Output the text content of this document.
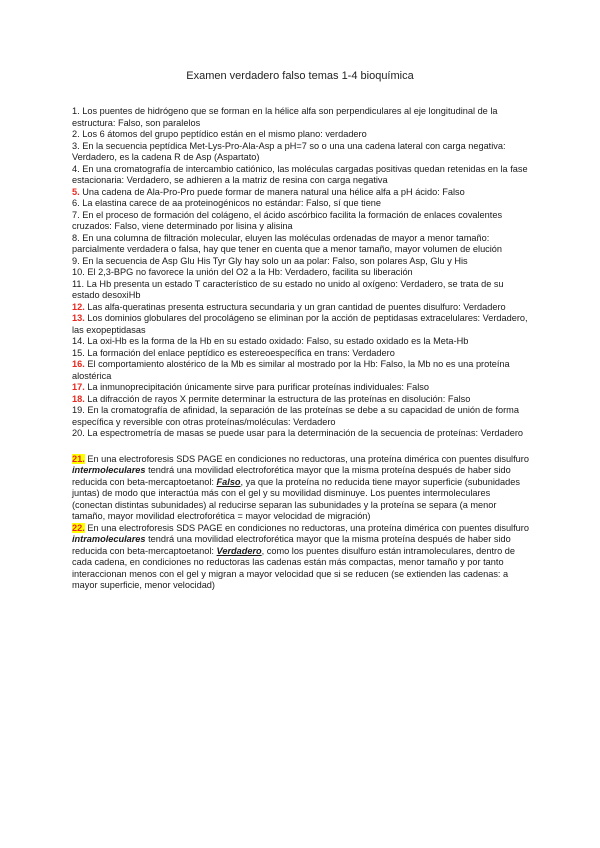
Examen verdadero falso temas 1-4 bioquímica

1. Los puentes de hidrógeno que se forman en la hélice alfa son perpendiculares al eje longitudinal de la estructura: Falso, son paralelos

2. Los 6 átomos del grupo peptídico están en el mismo plano: verdadero

3. En la secuencia peptídica Met-Lys-Pro-Ala-Asp a pH=7 so o una una cadena lateral con carga negativa: Verdadero, es la cadena R de Asp (Aspartato)

4. En una cromatografía de intercambio catiónico, las moléculas cargadas positivas quedan retenidas en la fase estacionaria: Verdadero, se adhieren a la matriz de resina con carga negativa

5. Una cadena de Ala-Pro-Pro puede formar de manera natural una hélice alfa a pH ácido: Falso

6. La elastina carece de aa proteinogénicos no estándar: Falso, sí que tiene

7. En el proceso de formación del colágeno, el ácido ascórbico facilita la formación de enlaces covalentes cruzados: Falso, viene determinado por lisina y alisina

8. En una columna de filtración molecular, eluyen las moléculas ordenadas de mayor a menor tamaño: parcialmente verdadera o falsa, hay que tener en cuenta que a menor tamaño, mayor volumen de elución

9. En la secuencia de Asp Glu His Tyr Gly hay solo un aa polar: Falso, son polares Asp, Glu y His

10. El 2,3-BPG no favorece la unión del O2 a la Hb: Verdadero, facilita su liberación

11. La Hb presenta un estado T característico de su estado no unido al oxígeno: Verdadero, se trata de su estado desoxiHb

12. Las alfa-queratinas presenta estructura secundaria y un gran cantidad de puentes disulfuro: Verdadero

13. Los dominios globulares del procolágeno se eliminan por la acción de peptidasas extracelulares: Verdadero, las exopeptidasas

14. La oxi-Hb es la forma de la Hb en su estado oxidado: Falso, su estado oxidado es la Meta-Hb

15. La formación del enlace peptídico es estereoespecífica en trans: Verdadero

16. El comportamiento alostérico de la Mb es similar al mostrado por la Hb: Falso, la Mb no es una proteína alostérica

17. La inmunoprecipitación únicamente sirve para purificar proteínas individuales: Falso

18. La difracción de rayos X permite determinar la estructura de las proteínas en disolución: Falso

19. En la cromatografía de afinidad, la separación de las proteínas se debe a su capacidad de unión de forma específica y reversible con otras proteínas/moléculas: Verdadero

20. La espectrometría de masas se puede usar para la determinación de la secuencia de proteínas: Verdadero

21. En una electroforesis SDS PAGE en condiciones no reductoras, una proteína dimérica con puentes disulfuro intermoleculares tendrá una movilidad electroforética mayor que la misma proteína después de haber sido reducida con beta-mercaptoetanol: Falso, ya que la proteína no reducida tiene mayor superficie (subunidades juntas) de modo que interactúa más con el gel y su movilidad disminuye. Los puentes intermoleculares (conectan distintas subunidades) al reducirse separan las subunidades y la proteína se separa (a menor tamaño, mayor movilidad electroforética = mayor velocidad de migración)

22. En una electroforesis SDS PAGE en condiciones no reductoras, una proteína dimérica con puentes disulfuro intramoleculares tendrá una movilidad electroforética mayor que la misma proteína después de haber sido reducida con beta-mercaptoetanol: Verdadero, como los puentes disulfuro están intramoleculares, dentro de cada cadena, en condiciones no reductoras las cadenas están más compactas, menor tamaño y por tanto interaccionan menos con el gel y migran a mayor velocidad que si se reducen (se extienden las cadenas: a mayor superficie, menor velocidad)
